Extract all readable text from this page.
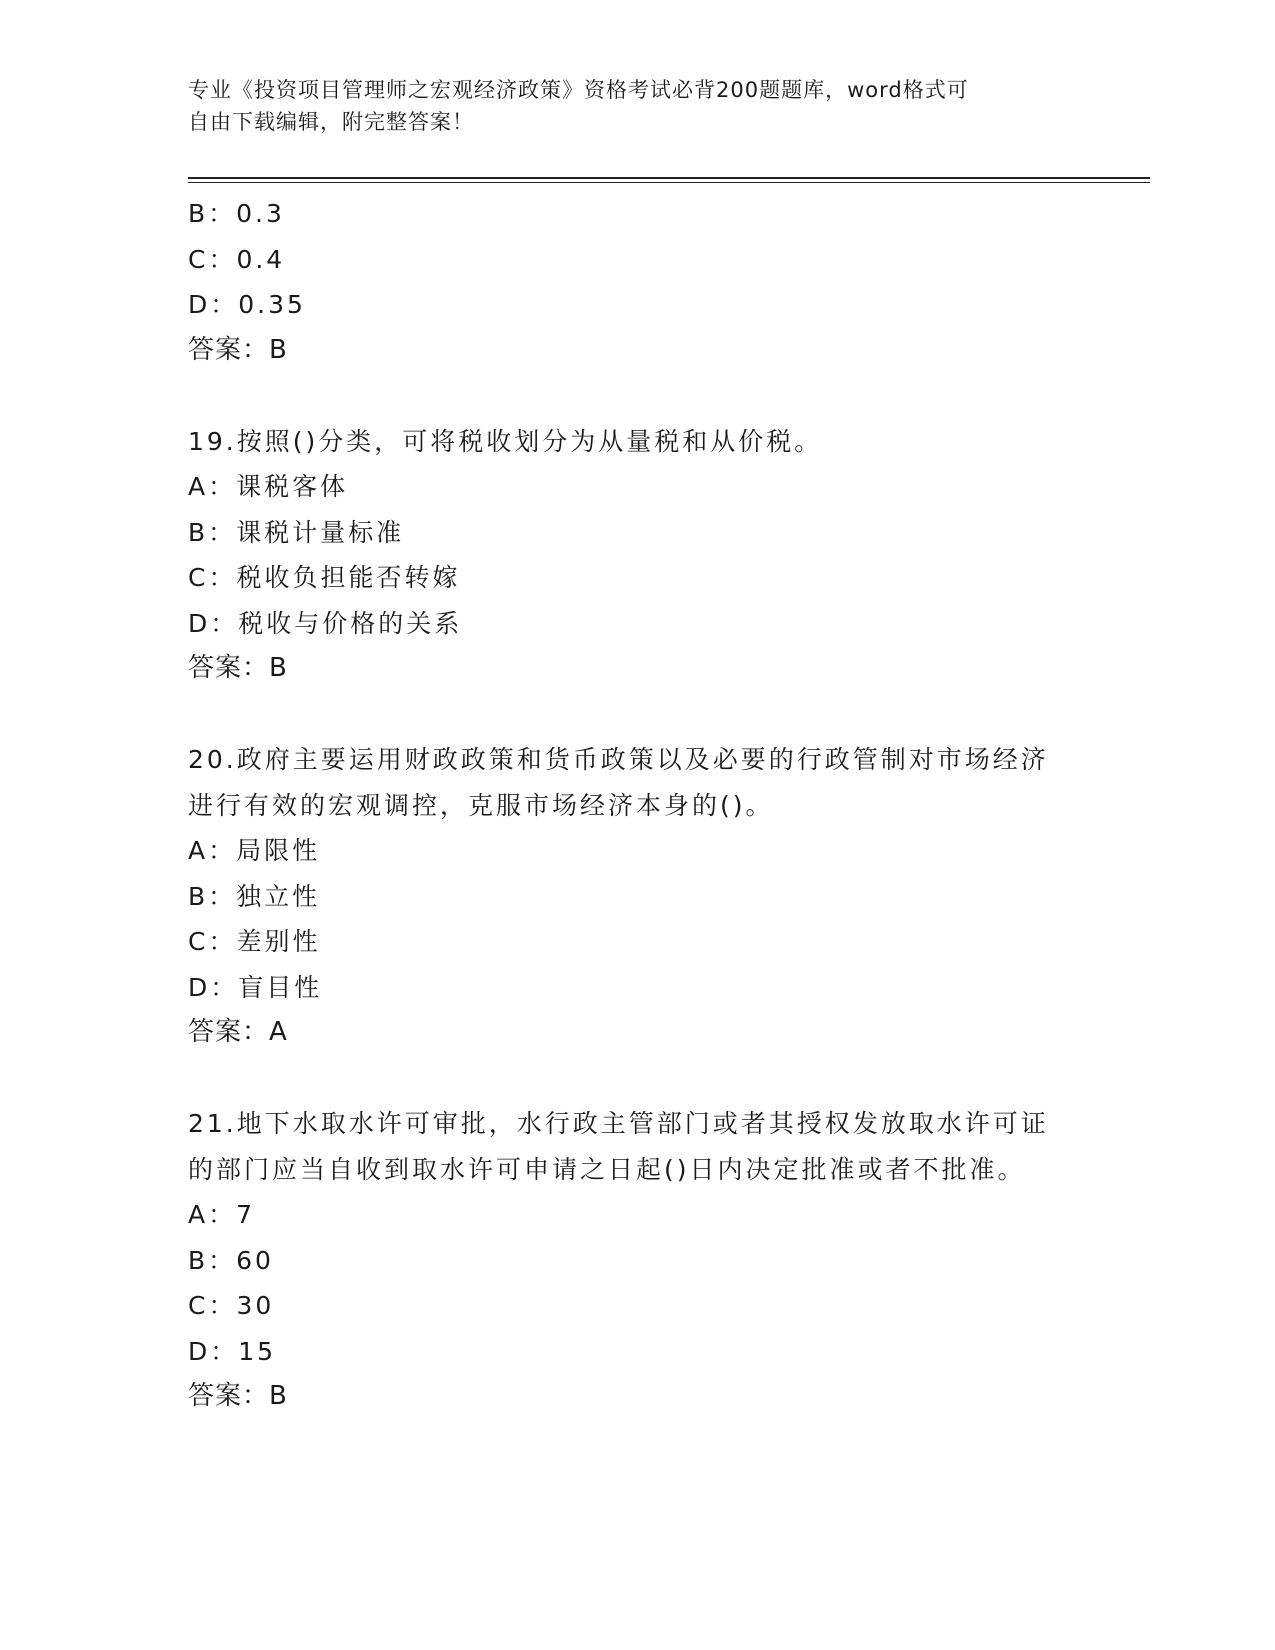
专业《投资项目管理师之宏观经济政策》资格考试必背200题题库，word格式可
自由下载编辑，附完整答案！
B：0.3
C：0.4
D：0.35
答案：B
19.按照()分类，可将税收划分为从量税和从价税。
A：课税客体
B：课税计量标准
C：税收负担能否转嫁
D：税收与价格的关系
答案：B
20.政府主要运用财政政策和货币政策以及必要的行政管制对市场经济
进行有效的宏观调控，克服市场经济本身的()。
A：局限性
B：独立性
C：差别性
D：盲目性
答案：A
21.地下水取水许可审批，水行政主管部门或者其授权发放取水许可证
的部门应当自收到取水许可申请之日起()日内决定批准或者不批准。
A：7
B：60
C：30
D：15
答案：B
